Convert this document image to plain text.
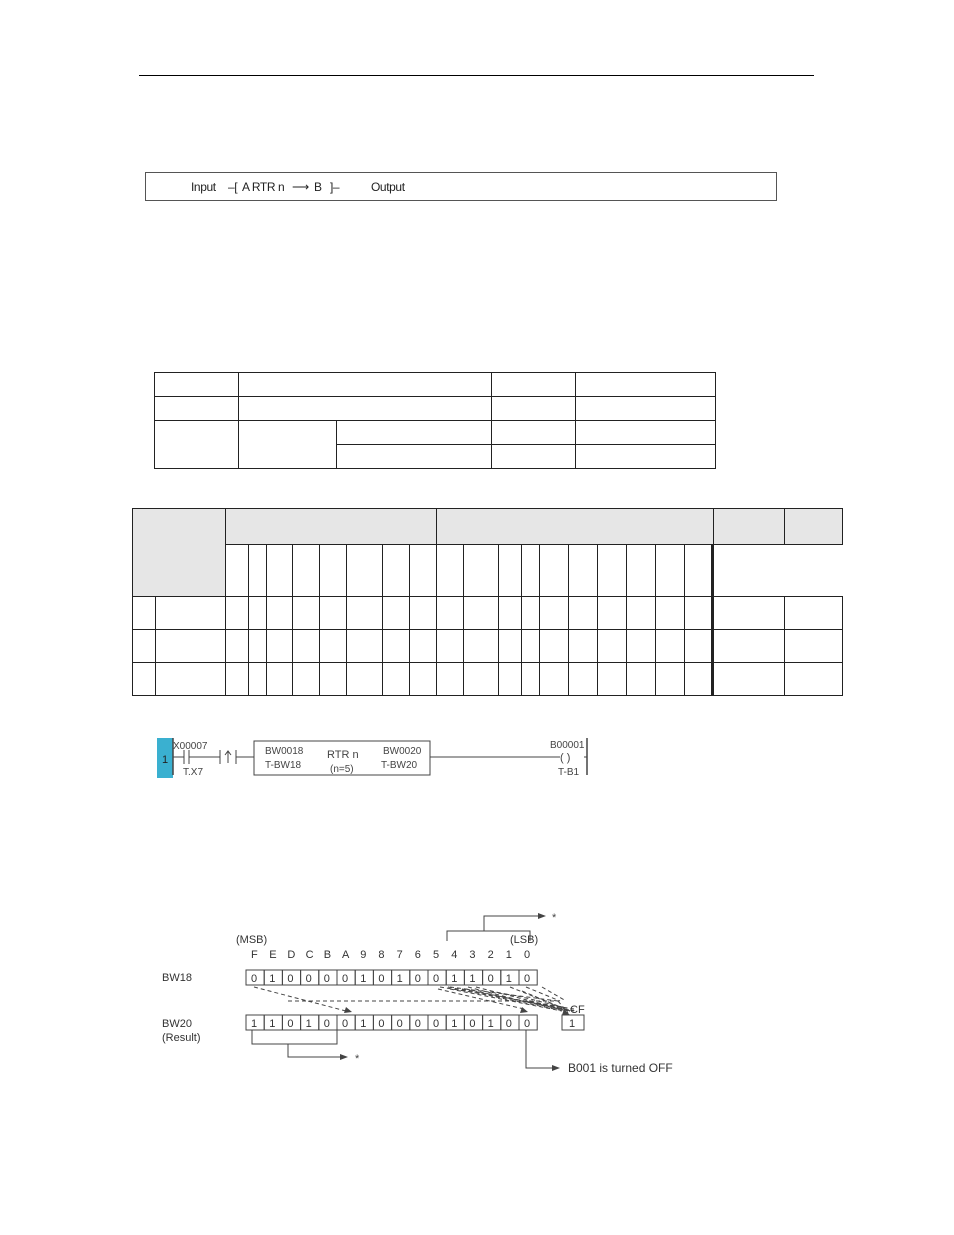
Input –[ A RTR n ⟶ B ]–	Output

1
X00007
T.X7
BW0018
T-BW18
RTR n
(n=5)
BW0020
T-BW20
B00001
( )
T-B1
*
(MSB)	(LSB)
F E D C B A 9 8 7 6 5 4 3 2 1 0
BW18	0 1 0 0 0 0 1 0 1 0 0 1 1 0 1 0
CF
1
BW20
(Result)
1 1 0 1 0 0 1 0 0 0 0 1 0 1 0 0
*
B001 is turned OFF
